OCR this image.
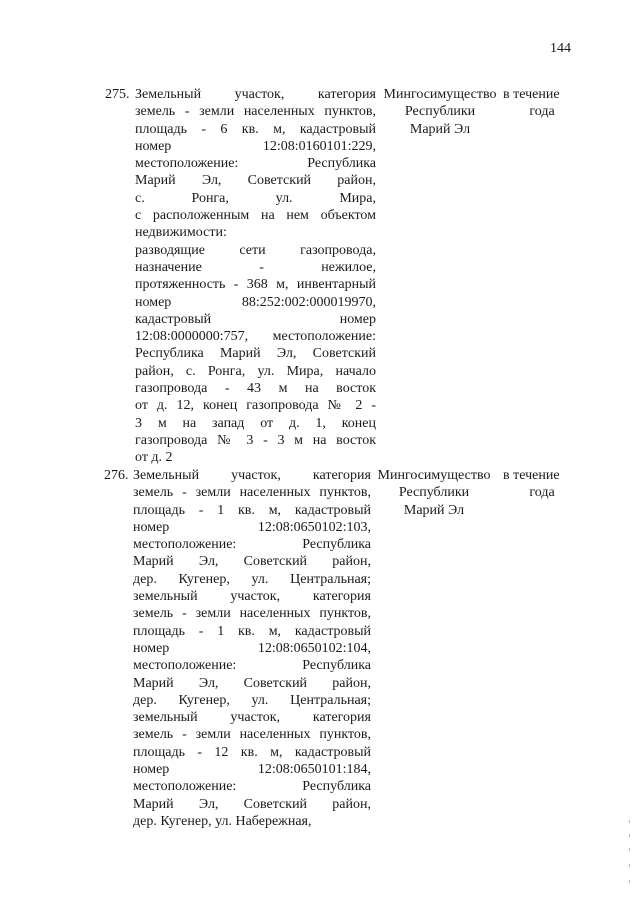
144
275. Земельный участок, категория
земель - земли населенных пунктов,
площадь - 6 кв. м, кадастровый
номер 12:08:0160101:229,
местоположение: Республика
Марий Эл, Советский район,
с. Ронга, ул. Мира,
с расположенным на нем объектом
недвижимости:
разводящие сети газопровода,
назначение - нежилое,
протяженность - 368 м, инвентарный
номер 88:252:002:000019970,
кадастровый номер
12:08:0000000:757, местоположение:
Республика Марий Эл, Советский
район, с. Ронга, ул. Мира, начало
газопровода - 43 м на восток
от д. 12, конец газопровода № 2 -
3 м на запад от д. 1, конец
газопровода № 3 - 3 м на восток
от д. 2
Мингосимущество
Республики
Марий Эл
в течение
года
276. Земельный участок, категория
земель - земли населенных пунктов,
площадь - 1 кв. м, кадастровый
номер 12:08:0650102:103,
местоположение: Республика
Марий Эл, Советский район,
дер. Кугенер, ул. Центральная;
земельный участок, категория
земель - земли населенных пунктов,
площадь - 1 кв. м, кадастровый
номер 12:08:0650102:104,
местоположение: Республика
Марий Эл, Советский район,
дер. Кугенер, ул. Центральная;
земельный участок, категория
земель - земли населенных пунктов,
площадь - 12 кв. м, кадастровый
номер 12:08:0650101:184,
местоположение: Республика
Марий Эл, Советский район,
дер. Кугенер, ул. Набережная,
Мингосимущество
Республики
Марий Эл
в течение
года
